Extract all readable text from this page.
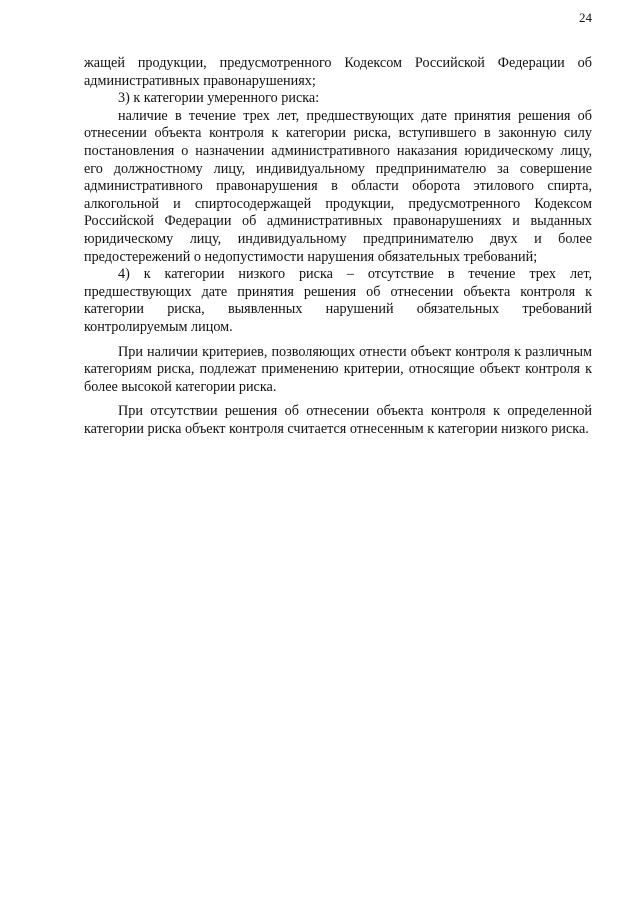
24

жащей продукции, предусмотренного Кодексом Российской Федерации об административных правонарушениях;

3) к категории умеренного риска:

наличие в течение трех лет, предшествующих дате принятия решения об отнесении объекта контроля к категории риска, вступившего в законную силу постановления о назначении административного наказания юридическому лицу, его должностному лицу, индивидуальному предпринимателю за совершение административного правонарушения в области оборота этилового спирта, алкогольной и спиртосодержащей продукции, предусмотренного Кодексом Российской Федерации об административных правонарушениях и выданных юридическому лицу, индивидуальному предпринимателю двух и более предостережений о недопустимости нарушения обязательных требований;

4) к категории низкого риска – отсутствие в течение трех лет, предшествующих дате принятия решения об отнесении объекта контроля к категории риска, выявленных нарушений обязательных требований контролируемым лицом.

При наличии критериев, позволяющих отнести объект контроля к различным категориям риска, подлежат применению критерии, относящие объект контроля к более высокой категории риска.

При отсутствии решения об отнесении объекта контроля к определенной категории риска объект контроля считается отнесенным к категории низкого риска.
